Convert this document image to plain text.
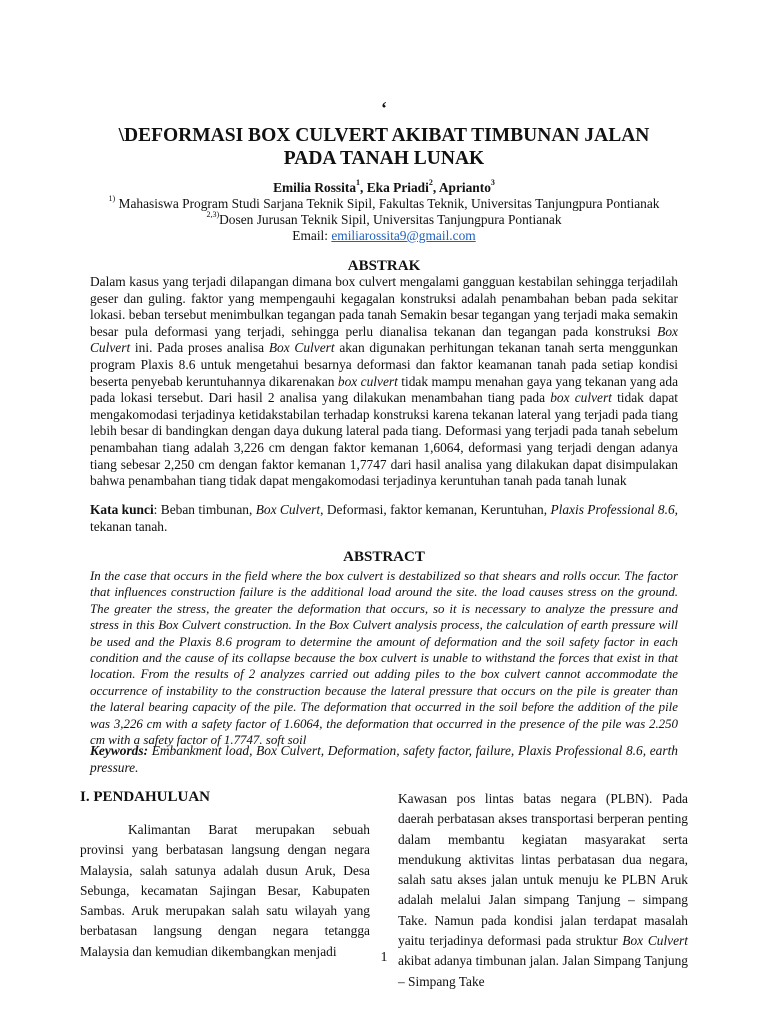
‘
\DEFORMASI BOX CULVERT AKIBAT TIMBUNAN JALAN PADA TANAH LUNAK
Emilia Rossita$^1$, Eka Priadi$^2$, Aprianto$^3$
$^{1)}$ Mahasiswa Program Studi Sarjana Teknik Sipil, Fakultas Teknik, Universitas Tanjungpura Pontianak
$^{2,3)}$Dosen Jurusan Teknik Sipil, Universitas Tanjungpura Pontianak
Email: emiliarossita9@gmail.com
ABSTRAK
Dalam kasus yang terjadi dilapangan dimana box culvert mengalami gangguan kestabilan sehingga terjadilah geser dan guling. faktor yang mempengauhi kegagalan konstruksi adalah penambahan beban pada sekitar lokasi. beban tersebut menimbulkan tegangan pada tanah Semakin besar tegangan yang terjadi maka semakin besar pula deformasi yang terjadi, sehingga perlu dianalisa tekanan dan tegangan pada konstruksi Box Culvert ini. Pada proses analisa Box Culvert akan digunakan perhitungan tekanan tanah serta menggunkan program Plaxis 8.6 untuk mengetahui besarnya deformasi dan faktor keamanan tanah pada setiap kondisi beserta penyebab keruntuhannya dikarenakan box culvert tidak mampu menahan gaya yang tekanan yang ada pada lokasi tersebut. Dari hasil 2 analisa yang dilakukan menambahan tiang pada box culvert tidak dapat mengakomodasi terjadinya ketidakstabilan terhadap konstruksi karena tekanan lateral yang terjadi pada tiang lebih besar di bandingkan dengan daya dukung lateral pada tiang. Deformasi yang terjadi pada tanah sebelum penambahan tiang adalah 3,226 cm dengan faktor kemanan 1,6064, deformasi yang terjadi dengan adanya tiang sebesar 2,250 cm dengan faktor kemanan 1,7747 dari hasil analisa yang dilakukan dapat disimpulakan bahwa penambahan tiang tidak dapat mengakomodasi terjadinya keruntuhan tanah pada tanah lunak
Kata kunci: Beban timbunan, Box Culvert, Deformasi, faktor kemanan, Keruntuhan, Plaxis Professional 8.6, tekanan tanah.
ABSTRACT
In the case that occurs in the field where the box culvert is destabilized so that shears and rolls occur. The factor that influences construction failure is the additional load around the site. the load causes stress on the ground. The greater the stress, the greater the deformation that occurs, so it is necessary to analyze the pressure and stress in this Box Culvert construction. In the Box Culvert analysis process, the calculation of earth pressure will be used and the Plaxis 8.6 program to determine the amount of deformation and the soil safety factor in each condition and the cause of its collapse because the box culvert is unable to withstand the forces that exist in that location. From the results of 2 analyzes carried out adding piles to the box culvert cannot accommodate the occurrence of instability to the construction because the lateral pressure that occurs on the pile is greater than the lateral bearing capacity of the pile. The deformation that occurred in the soil before the addition of the pile was 3,226 cm with a safety factor of 1.6064, the deformation that occurred in the presence of the pile was 2.250 cm with a safety factor of 1.7747. soft soil
Keywords: Embankment load, Box Culvert, Deformation, safety factor, failure, Plaxis Professional 8.6, earth pressure.
I. PENDAHULUAN
Kalimantan Barat merupakan sebuah provinsi yang berbatasan langsung dengan negara Malaysia, salah satunya adalah dusun Aruk, Desa Sebunga, kecamatan Sajingan Besar, Kabupaten Sambas. Aruk merupakan salah satu wilayah yang berbatasan langsung dengan negara tetangga Malaysia dan kemudian dikembangkan menjadi
Kawasan pos lintas batas negara (PLBN). Pada daerah perbatasan akses transportasi berperan penting dalam membantu kegiatan masyarakat serta mendukung aktivitas lintas perbatasan dua negara, salah satu akses jalan untuk menuju ke PLBN Aruk adalah melalui Jalan simpang Tanjung – simpang Take. Namun pada kondisi jalan terdapat masalah yaitu terjadinya deformasi pada struktur Box Culvert akibat adanya timbunan jalan. Jalan Simpang Tanjung – Simpang Take
1
